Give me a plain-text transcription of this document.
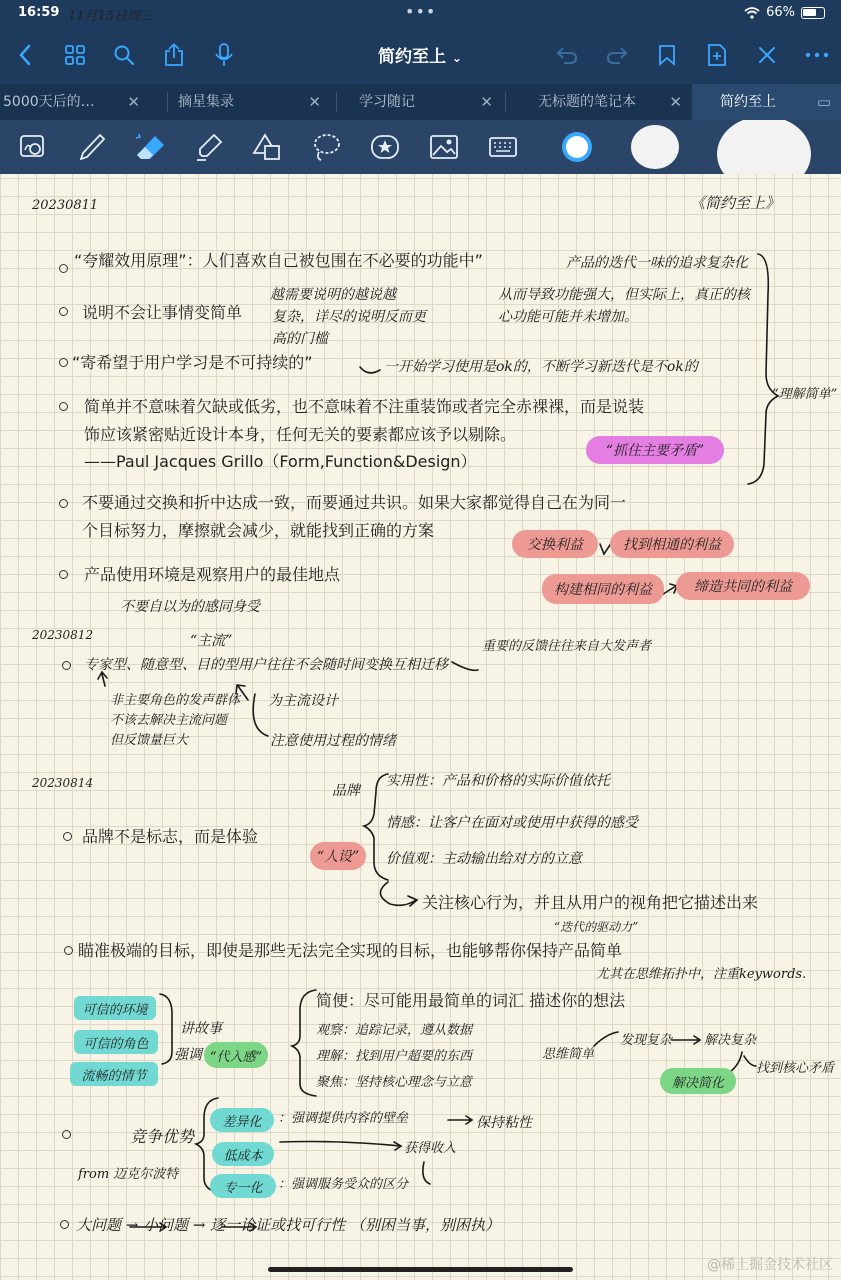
16:59 11月15日周三	•••	66%
简约至上 ⌄
5000天后的… ✕	摘星集录	✕	学习随记	✕	无标题的笔记本 ✕	简约至上	▭
20230811	《简约至上》
“夸耀效用原理”：人们喜欢自己被包围在不必要的功能中”	产品的迭代一味的追求复杂化
说明不会让事情变简单
越需要说明的越说越
复杂，详尽的说明反而更
高的门槛
从而导致功能强大，但实际上，真正的核
心功能可能并未增加。
“寄希望于用户学习是不可持续的”	一开始学习使用是ok的，不断学习新迭代是不ok的
“理解简单”
简单并不意味着欠缺或低劣，也不意味着不注重装饰或者完全赤裸裸，而是说装
饰应该紧密贴近设计本身，任何无关的要素都应该予以剔除。
——Paul Jacques Grillo（Form,Function&Design）
“抓住主要矛盾”
不要通过交换和折中达成一致，而要通过共识。如果大家都觉得自己在为同一
个目标努力，摩擦就会减少，就能找到正确的方案
交换利益	找到相通的利益
构建相同的利益	缔造共同的利益
产品使用环境是观察用户的最佳地点
不要自以为的感同身受
20230812	“主流”	重要的反馈往往来自大发声者
专家型、随意型、目的型用户往往不会随时间变换互相迁移
非主要角色的发声群体
不该去解决主流问题
但反馈量巨大
为主流设计
注意使用过程的情绪
20230814	品牌
实用性：产品和价格的实际价值依托
情感：让客户在面对或使用中获得的感受
价值观：主动输出给对方的立意
品牌不是标志，而是体验
“人设”
关注核心行为，并且从用户的视角把它描述出来
“迭代的驱动力”
瞄准极端的目标，即使是那些无法完全实现的目标，也能够帮你保持产品简单
尤其在思维拓扑中，注重keywords.
可信的环境
可信的角色
流畅的情节
讲故事
强调 “代入感”
简便：尽可能用最简单的词汇 描述你的想法
观察：追踪记录，遵从数据
理解：找到用户超要的东西
聚焦：坚持核心理念与立意
思维简单
发现复杂 解决复杂
解决简化
找到核心矛盾
竞争优势
from 迈克尔波特
差异化	：强调提供内容的壁垒	保持粘性
低成本	获得收入
专一化	：强调服务受众的区分
大问题 → 小问题 → 逐一论证或找可行性 （别困当事，别困执）
@稀土掘金技术社区
